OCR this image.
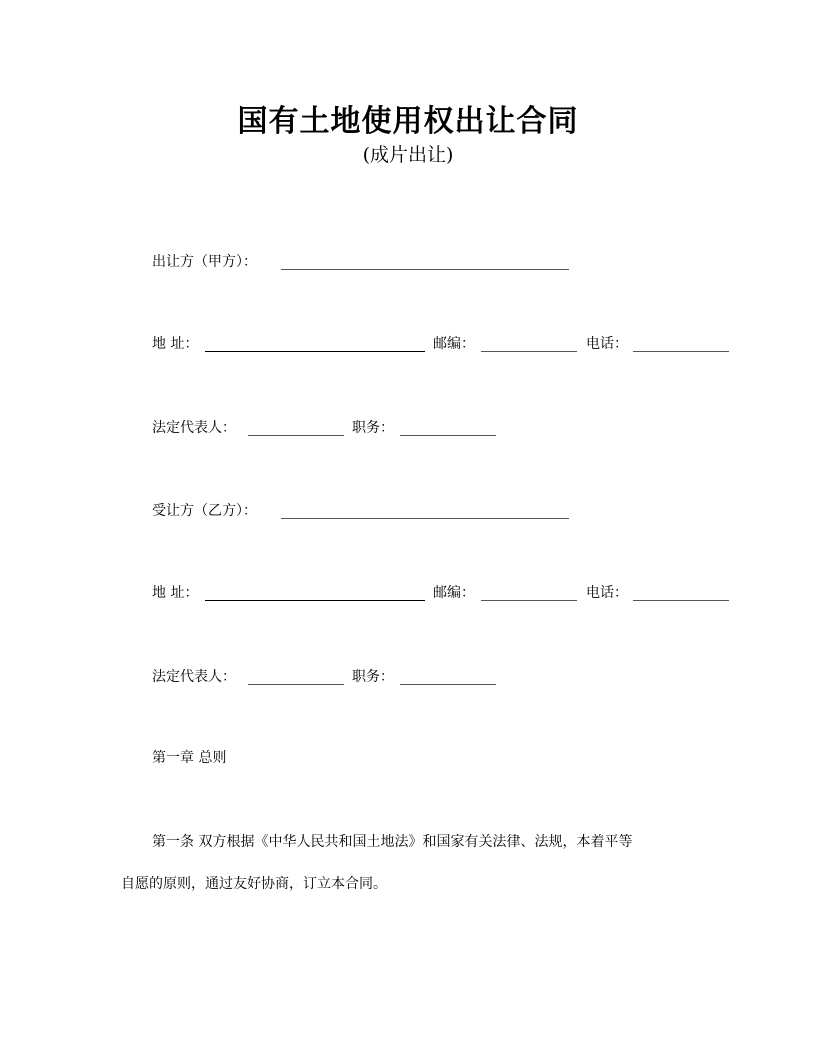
国有土地使用权出让合同
(成片出让)
出让方（甲方）：
地 址：	邮编：	电话：
法定代表人：	职务：
受让方（乙方）：
地 址：	邮编：	电话：
法定代表人：	职务：
第一章 总则
第一条 双方根据《中华人民共和国土地法》和国家有关法律、法规，本着平等
自愿的原则，通过友好协商，订立本合同。
